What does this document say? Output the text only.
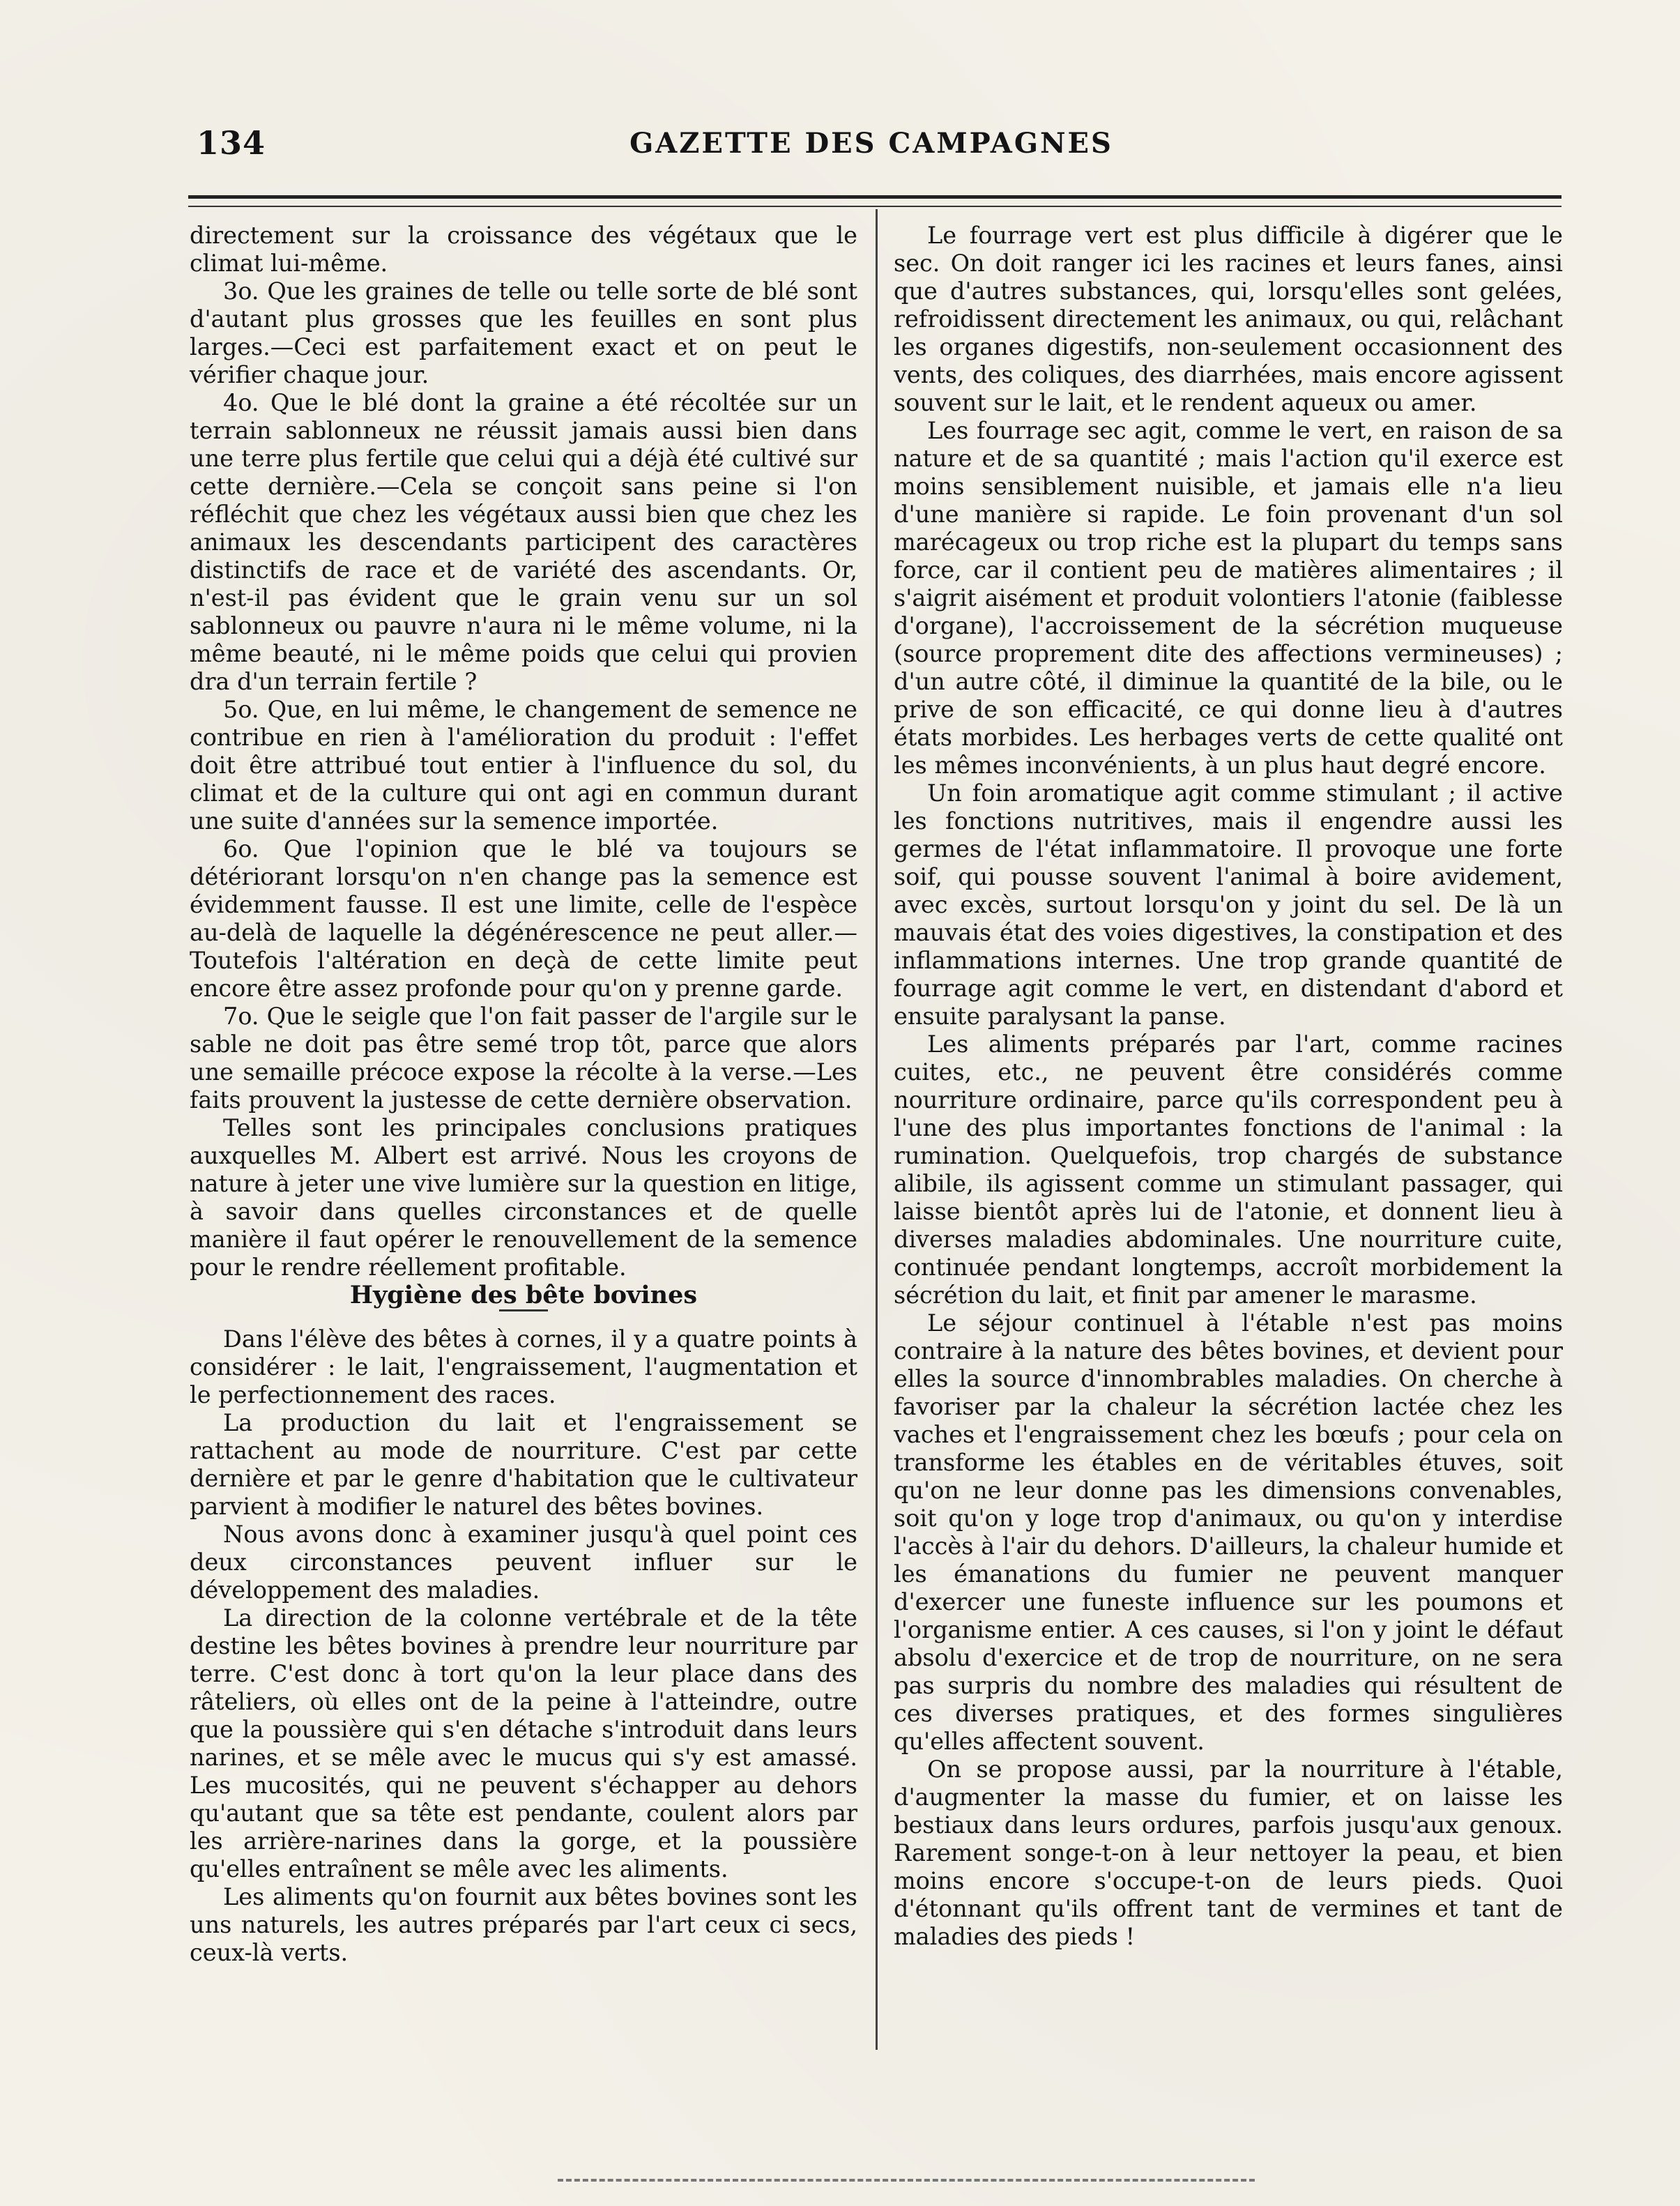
134	GAZETTE DES CAMPAGNES

directement sur la croissance des végétaux que le climat lui-même.

3o. Que les graines de telle ou telle sorte de blé sont d'autant plus grosses que les feuilles en sont plus larges.—Ceci est parfaitement exact et on peut le vérifier chaque jour.

4o. Que le blé dont la graine a été récoltée sur un terrain sablonneux ne réussit jamais aussi bien dans une terre plus fertile que celui qui a déjà été cultivé sur cette dernière.—Cela se conçoit sans peine si l'on réfléchit que chez les végétaux aussi bien que chez les animaux les descendants participent des caractères distinctifs de race et de variété des ascendants. Or, n'est-il pas évident que le grain venu sur un sol sablonneux ou pauvre n'aura ni le même volume, ni la même beauté, ni le même poids que celui qui provien dra d'un terrain fertile ?

5o. Que, en lui même, le changement de semence ne contribue en rien à l'amélioration du produit : l'effet doit être attribué tout entier à l'influence du sol, du climat et de la culture qui ont agi en commun durant une suite d'années sur la semence importée.

6o. Que l'opinion que le blé va toujours se détériorant lorsqu'on n'en change pas la semence est évidemment fausse. Il est une limite, celle de l'espèce au-delà de laquelle la dégénérescence ne peut aller.—Toutefois l'altération en deçà de cette limite peut encore être assez profonde pour qu'on y prenne garde.

7o. Que le seigle que l'on fait passer de l'argile sur le sable ne doit pas être semé trop tôt, parce que alors une semaille précoce expose la récolte à la verse.—Les faits prouvent la justesse de cette dernière observation.

Telles sont les principales conclusions pratiques auxquelles M. Albert est arrivé. Nous les croyons de nature à jeter une vive lumière sur la question en litige, à savoir dans quelles circonstances et de quelle manière il faut opérer le renouvellement de la semence pour le rendre réellement profitable.

Hygiène des bête bovines

Dans l'élève des bêtes à cornes, il y a quatre points à considérer : le lait, l'engraissement, l'augmentation et le perfectionnement des races.

La production du lait et l'engraissement se rattachent au mode de nourriture. C'est par cette dernière et par le genre d'habitation que le cultivateur parvient à modifier le naturel des bêtes bovines.

Nous avons donc à examiner jusqu'à quel point ces deux circonstances peuvent influer sur le développement des maladies.

La direction de la colonne vertébrale et de la tête destine les bêtes bovines à prendre leur nourriture par terre. C'est donc à tort qu'on la leur place dans des râteliers, où elles ont de la peine à l'atteindre, outre que la poussière qui s'en détache s'introduit dans leurs narines, et se mêle avec le mucus qui s'y est amassé. Les mucosités, qui ne peuvent s'échapper au dehors qu'autant que sa tête est pendante, coulent alors par les arrière-narines dans la gorge, et la poussière qu'elles entraînent se mêle avec les aliments.

Les aliments qu'on fournit aux bêtes bovines sont les uns naturels, les autres préparés par l'art ceux ci secs, ceux-là verts.

Le fourrage vert est plus difficile à digérer que le sec. On doit ranger ici les racines et leurs fanes, ainsi que d'autres substances, qui, lorsqu'elles sont gelées, refroidissent directement les animaux, ou qui, relâchant les organes digestifs, non-seulement occasionnent des vents, des coliques, des diarrhées, mais encore agissent souvent sur le lait, et le rendent aqueux ou amer.

Les fourrage sec agit, comme le vert, en raison de sa nature et de sa quantité ; mais l'action qu'il exerce est moins sensiblement nuisible, et jamais elle n'a lieu d'une manière si rapide. Le foin provenant d'un sol marécageux ou trop riche est la plupart du temps sans force, car il contient peu de matières alimentaires ; il s'aigrit aisément et produit volontiers l'atonie (faiblesse d'organe), l'accroissement de la sécrétion muqueuse (source proprement dite des affections vermineuses) ; d'un autre côté, il diminue la quantité de la bile, ou le prive de son efficacité, ce qui donne lieu à d'autres états morbides. Les herbages verts de cette qualité ont les mêmes inconvénients, à un plus haut degré encore.

Un foin aromatique agit comme stimulant ; il active les fonctions nutritives, mais il engendre aussi les germes de l'état inflammatoire. Il provoque une forte soif, qui pousse souvent l'animal à boire avidement, avec excès, surtout lorsqu'on y joint du sel. De là un mauvais état des voies digestives, la constipation et des inflammations internes. Une trop grande quantité de fourrage agit comme le vert, en distendant d'abord et ensuite paralysant la panse.

Les aliments préparés par l'art, comme racines cuites, etc., ne peuvent être considérés comme nourriture ordinaire, parce qu'ils correspondent peu à l'une des plus importantes fonctions de l'animal : la rumination. Quelquefois, trop chargés de substance alibile, ils agissent comme un stimulant passager, qui laisse bientôt après lui de l'atonie, et donnent lieu à diverses maladies abdominales. Une nourriture cuite, continuée pendant longtemps, accroît morbidement la sécrétion du lait, et finit par amener le marasme.

Le séjour continuel à l'étable n'est pas moins contraire à la nature des bêtes bovines, et devient pour elles la source d'innombrables maladies. On cherche à favoriser par la chaleur la sécrétion lactée chez les vaches et l'engraissement chez les bœufs ; pour cela on transforme les étables en de véritables étuves, soit qu'on ne leur donne pas les dimensions convenables, soit qu'on y loge trop d'animaux, ou qu'on y interdise l'accès à l'air du dehors. D'ailleurs, la chaleur humide et les émanations du fumier ne peuvent manquer d'exercer une funeste influence sur les poumons et l'organisme entier. A ces causes, si l'on y joint le défaut absolu d'exercice et de trop de nourriture, on ne sera pas surpris du nombre des maladies qui résultent de ces diverses pratiques, et des formes singulières qu'elles affectent souvent.

On se propose aussi, par la nourriture à l'étable, d'augmenter la masse du fumier, et on laisse les bestiaux dans leurs ordures, parfois jusqu'aux genoux. Rarement songe-t-on à leur nettoyer la peau, et bien moins encore s'occupe-t-on de leurs pieds. Quoi d'étonnant qu'ils offrent tant de vermines et tant de maladies des pieds !
